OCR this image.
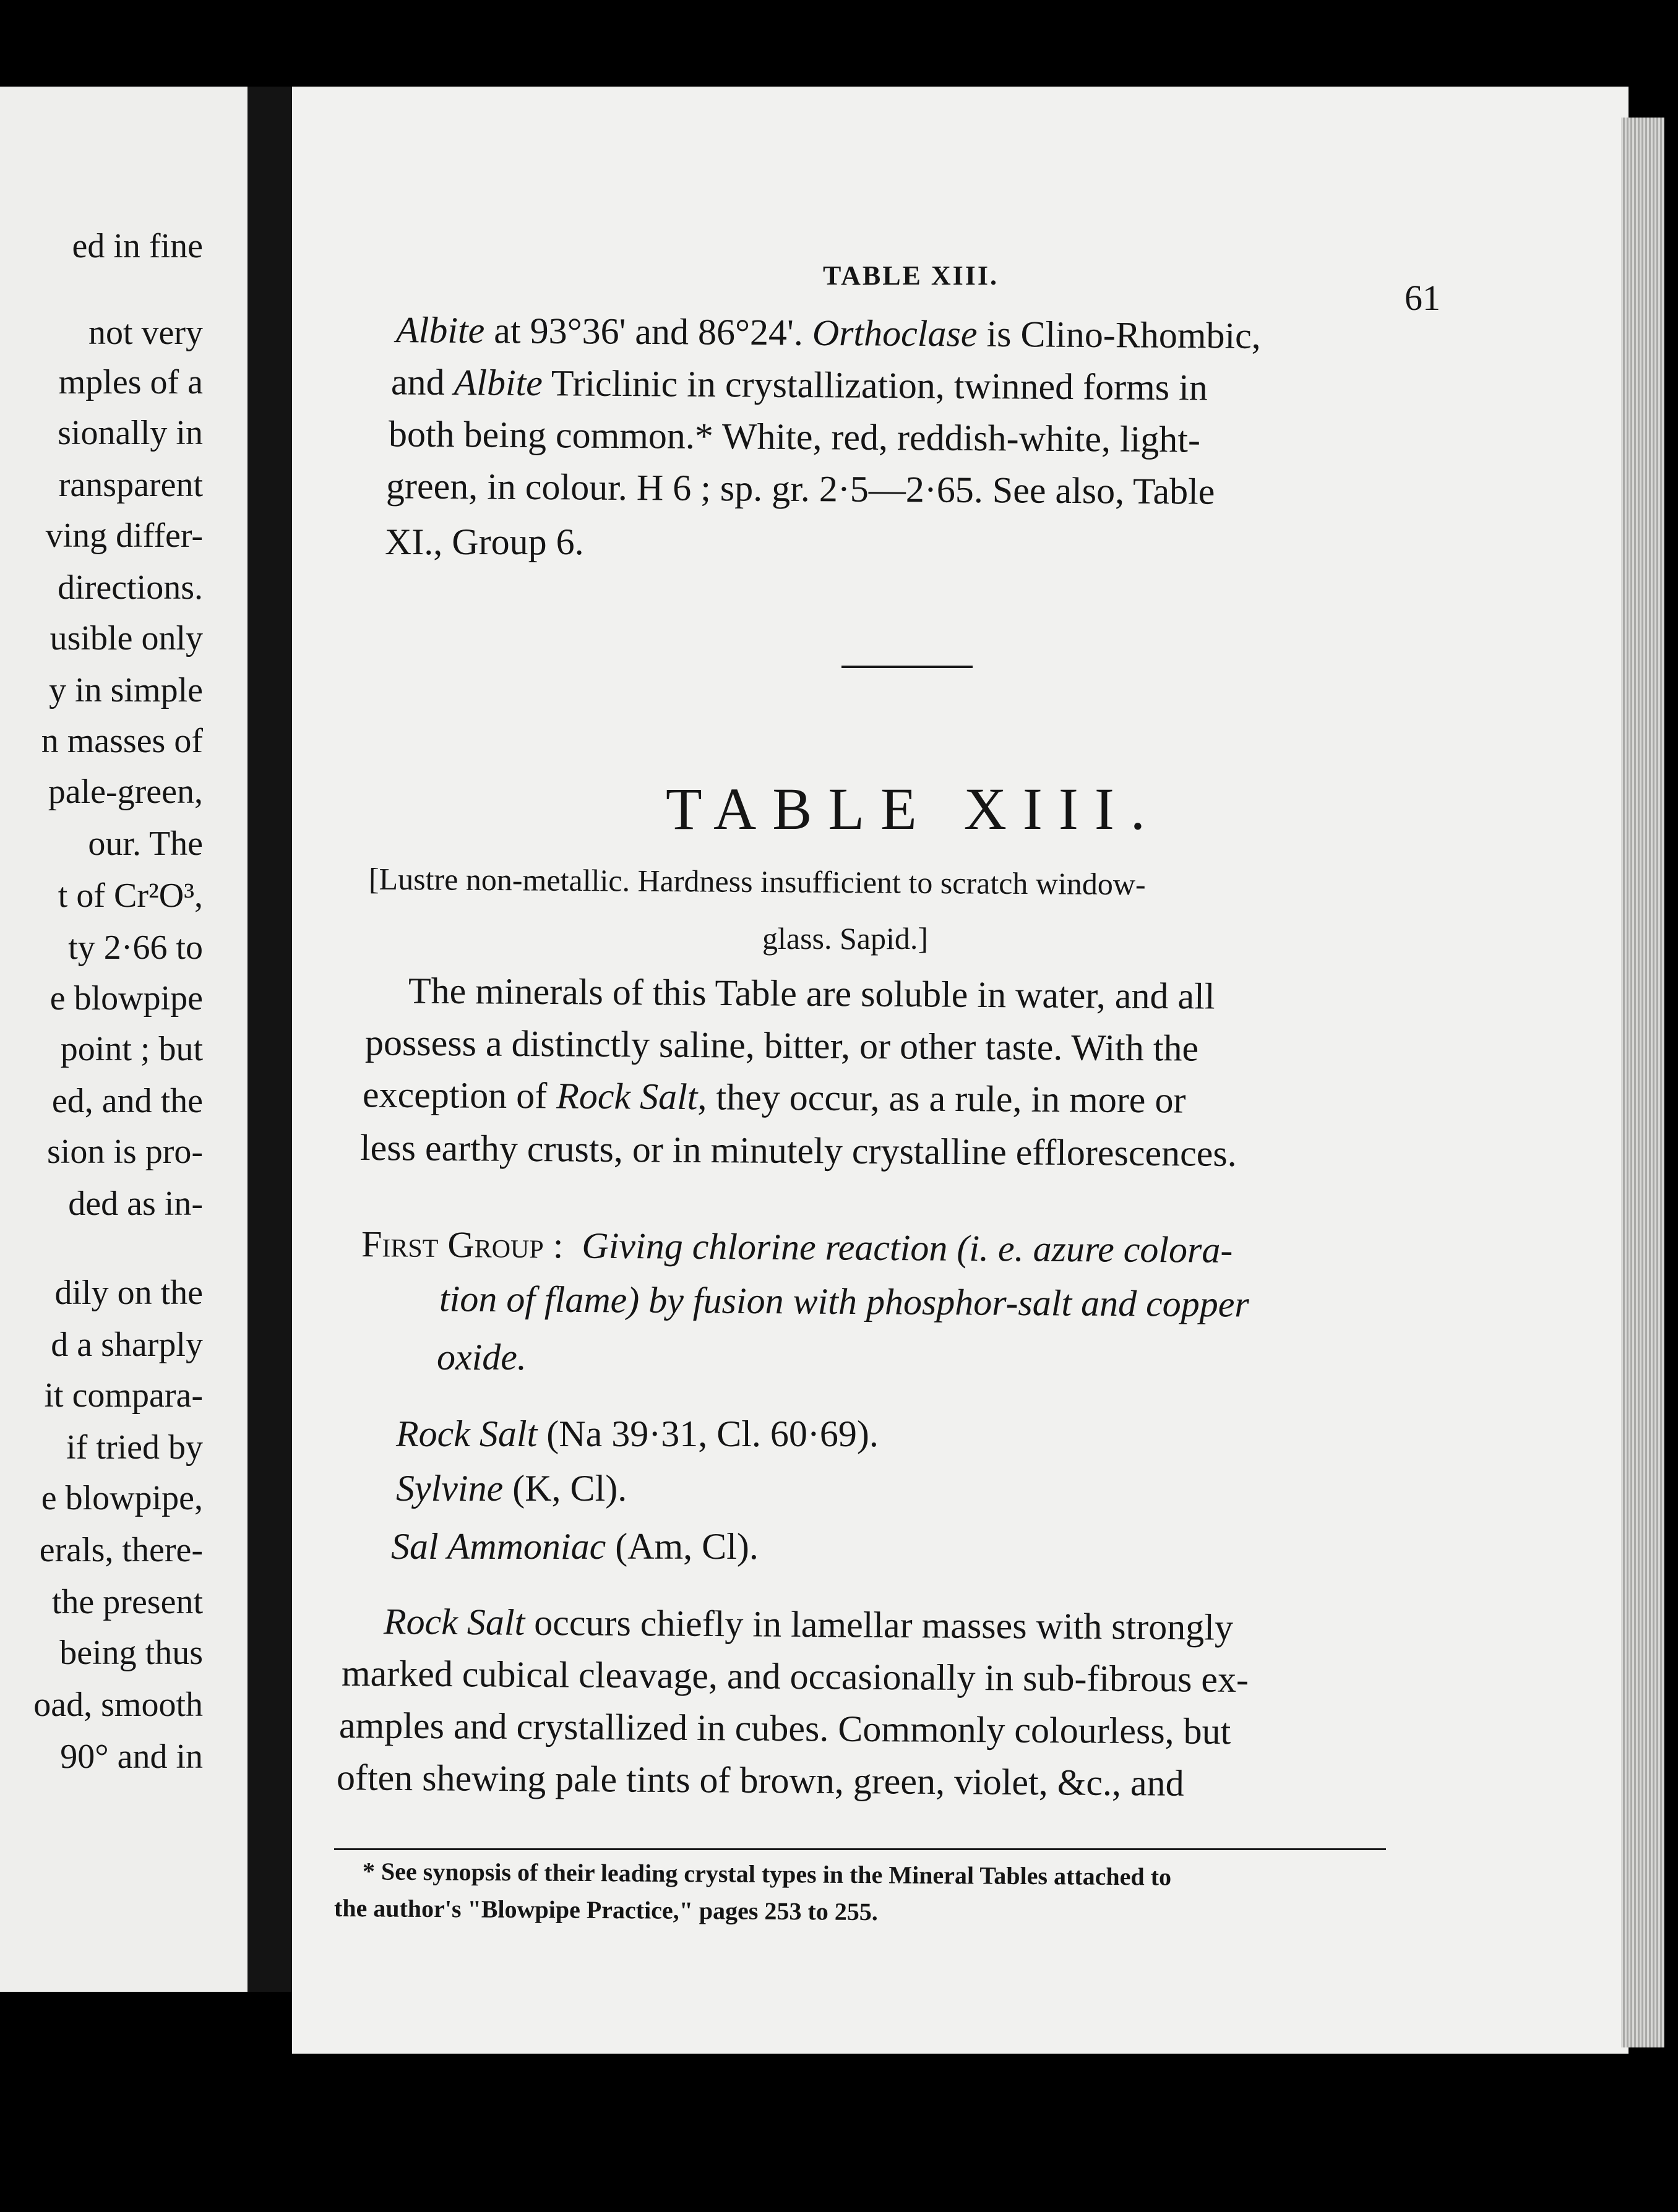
ed in fine
not very
mples of a
sionally in
ransparent
ving differ-
directions.
usible only
y in simple
n masses of
pale-green,
our. The
t of Cr²O³,
ty 2·66 to
e blowpipe
point ; but
ed, and the
sion is pro-
ded as in-
dily on the
d a sharply
it compara-
if tried by
e blowpipe,
erals, there-
the present
being thus
oad, smooth
90° and in
TABLE XIII.
61
Albite at 93°36' and 86°24'. Orthoclase is Clino-Rhombic,
and Albite Triclinic in crystallization, twinned forms in
both being common.* White, red, reddish-white, light-
green, in colour. H 6 ; sp. gr. 2·5—2·65. See also, Table
XI., Group 6.
TABLE XIII.
[Lustre non-metallic. Hardness insufficient to scratch window-
glass. Sapid.]
The minerals of this Table are soluble in water, and all
possess a distinctly saline, bitter, or other taste. With the
exception of Rock Salt, they occur, as a rule, in more or
less earthy crusts, or in minutely crystalline efflorescences.
First Group : Giving chlorine reaction (i. e. azure colora-
tion of flame) by fusion with phosphor-salt and copper
oxide.
Rock Salt (Na 39·31, Cl. 60·69).
Sylvine (K, Cl).
Sal Ammoniac (Am, Cl).
Rock Salt occurs chiefly in lamellar masses with strongly
marked cubical cleavage, and occasionally in sub-fibrous ex-
amples and crystallized in cubes. Commonly colourless, but
often shewing pale tints of brown, green, violet, &c., and
* See synopsis of their leading crystal types in the Mineral Tables attached to
the author's "Blowpipe Practice," pages 253 to 255.
